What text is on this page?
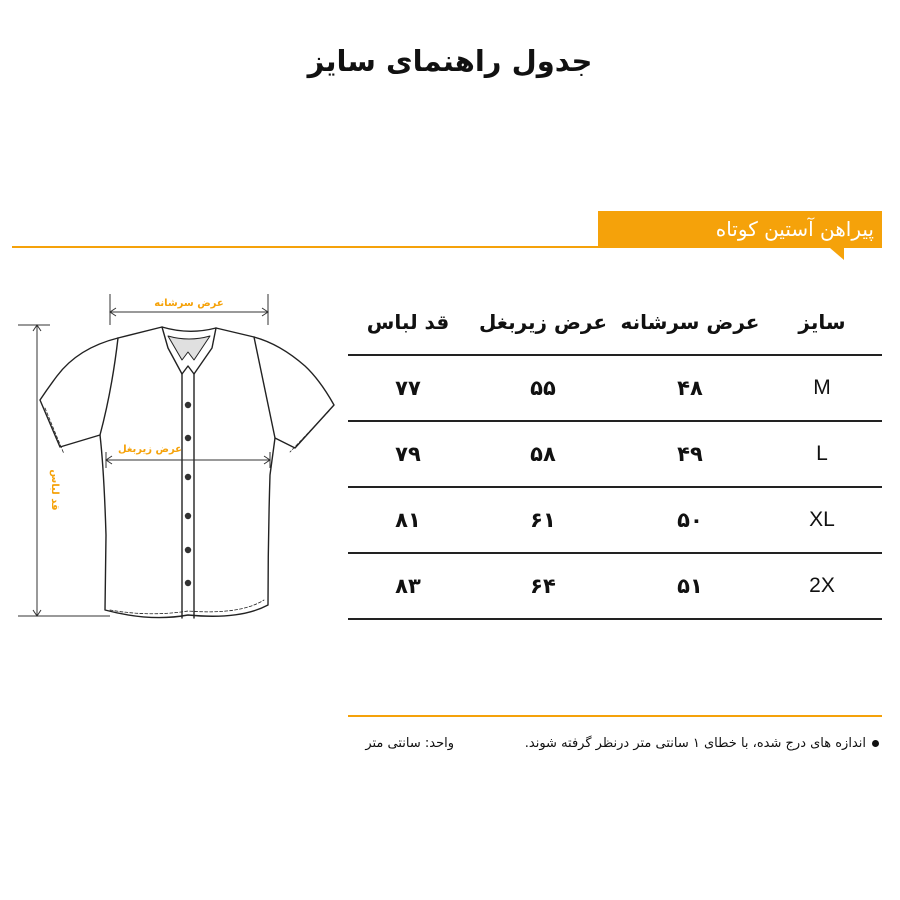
جدول راهنمای سایز
پیراهن آستین کوتاه
عرض سرشانه
عرض زیربغل
قد لباس
سایز	عرض سرشانه	عرض زیربغل	قد لباس
M	۴۸	۵۵	۷۷
L	۴۹	۵۸	۷۹
XL	۵۰	۶۱	۸۱
2X	۵۱	۶۴	۸۳
اندازه های درج شده، با خطای ۱ سانتی متر درنظر گرفته شوند.
واحد: سانتی متر
